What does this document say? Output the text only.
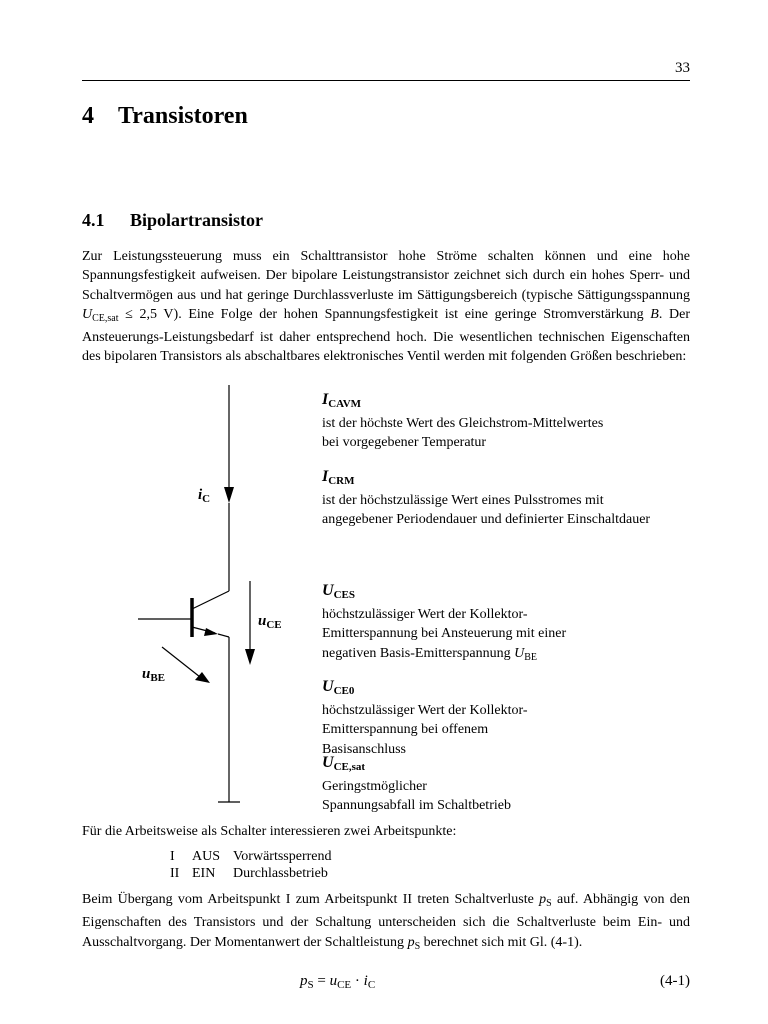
33
4 Transistoren
4.1 Bipolartransistor
Zur Leistungssteuerung muss ein Schalttransistor hohe Ströme schalten können und eine hohe Spannungsfestigkeit aufweisen. Der bipolare Leistungstransistor zeichnet sich durch ein hohes Sperr- und Schaltvermögen aus und hat geringe Durchlassverluste im Sättigungsbereich (typische Sättigungsspannung $U_{CE,sat} \le 2,5$ V). Eine Folge der hohen Spannungsfestigkeit ist eine geringe Stromverstärkung B. Der Ansteuerungs-Leistungsbedarf ist daher entsprechend hoch. Die wesentlichen technischen Eigenschaften des bipolaren Transistors als abschaltbares elektronisches Ventil werden mit folgenden Größen beschrieben:
$i_C$
$u_{CE}$
$u_{BE}$
ICAVM
ist der höchste Wert des Gleichstrom-Mittelwertes bei vorgegebener Temperatur
ICRM
ist der höchstzulässige Wert eines Pulsstromes mit angegebener Periodendauer und definierter Einschaltdauer
UCES
höchstzulässiger Wert der Kollektor-Emitterspannung bei Ansteuerung mit einer negativen Basis-Emitterspannung $U_{BE}$
UCE0
höchstzulässiger Wert der Kollektor-Emitterspannung bei offenem Basisanschluss
UCE,sat
Geringstmöglicher Spannungsabfall im Schaltbetrieb
Für die Arbeitsweise als Schalter interessieren zwei Arbeitspunkte:
I AUS Vorwärtssperrend
II EIN Durchlassbetrieb
Beim Übergang vom Arbeitspunkt I zum Arbeitspunkt II treten Schaltverluste $p_S$ auf. Abhängig von den Eigenschaften des Transistors und der Schaltung unterscheiden sich die Schaltverluste beim Ein- und Ausschaltvorgang. Der Momentanwert der Schaltleistung $p_S$ berechnet sich mit Gl. (4-1).
$p_S = u_{CE} \cdot i_C$	(4-1)
